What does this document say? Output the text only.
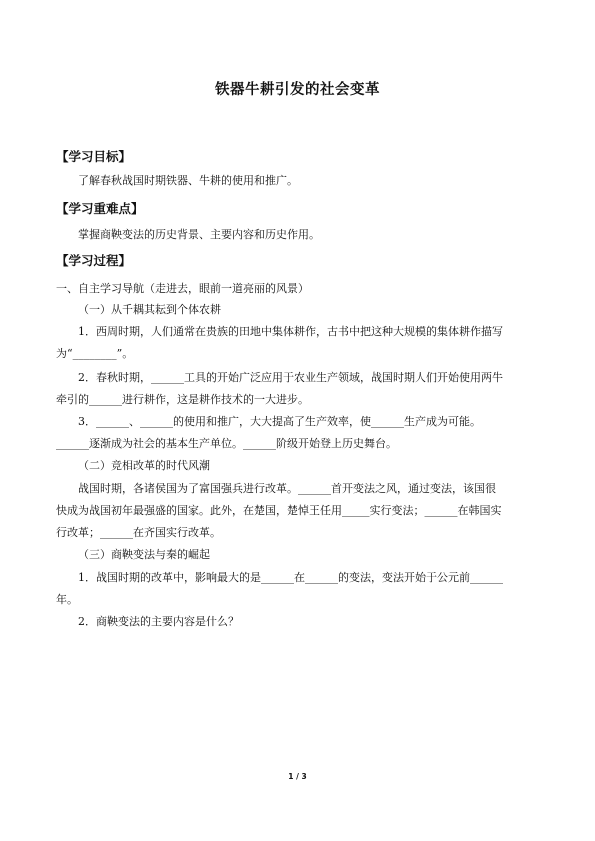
铁器牛耕引发的社会变革
【学习目标】
了解春秋战国时期铁器、牛耕的使用和推广。
【学习重难点】
掌握商鞅变法的历史背景、主要内容和历史作用。
【学习过程】
一、自主学习导航（走进去，眼前一道亮丽的风景）
（一）从千耦其耘到个体农耕
1．西周时期，人们通常在贵族的田地中集体耕作，古书中把这种大规模的集体耕作描写
为“________”。
2．春秋时期，______工具的开始广泛应用于农业生产领域，战国时期人们开始使用两牛
牵引的______进行耕作，这是耕作技术的一大进步。
3．______、______的使用和推广，大大提高了生产效率，使______生产成为可能。
______逐渐成为社会的基本生产单位。______阶级开始登上历史舞台。
（二）竞相改革的时代风潮
战国时期，各诸侯国为了富国强兵进行改革。______首开变法之风，通过变法，该国很
快成为战国初年最强盛的国家。此外，在楚国，楚悼王任用_____实行变法；______在韩国实
行改革；______在齐国实行改革。
（三）商鞅变法与秦的崛起
1．战国时期的改革中，影响最大的是______在______的变法，变法开始于公元前______
年。
2．商鞅变法的主要内容是什么？
1 / 3
